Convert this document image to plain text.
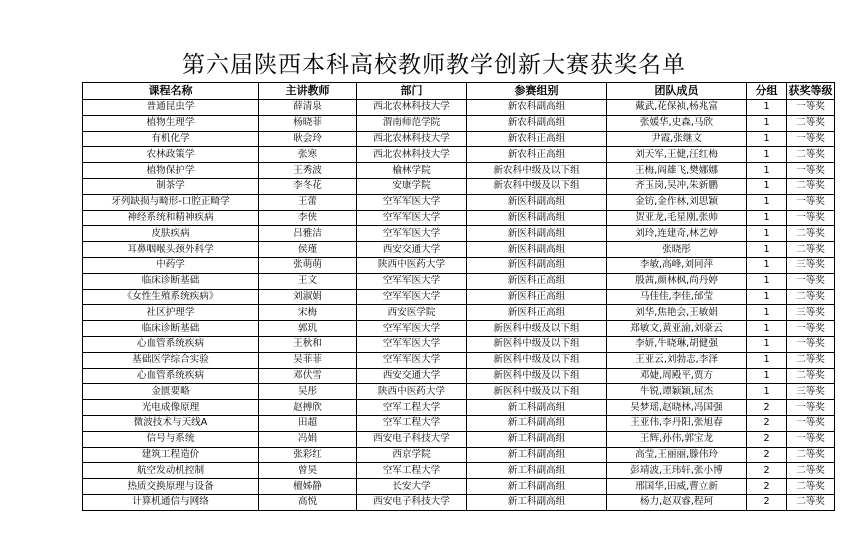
第六届陕西本科高校教师教学创新大赛获奖名单
课程名称	主讲教师	部门	参赛组别	团队成员	分组	获奖等级
普通昆虫学	薛清泉	西北农林科技大学	新农科副高组	戴武,花保祯,杨兆富	1	一等奖
植物生理学	杨晓菲	渭南师范学院	新农科副高组	张媛华,史森,马欣	1	二等奖
有机化学	耿会玲	西北农林科技大学	新农科正高组	尹霞,张继文	1	一等奖
农林政策学	张寒	西北农林科技大学	新农科正高组	刘天军,王健,汪红梅	1	二等奖
植物保护学	王秀波	榆林学院	新农科中级及以下组	王梅,阎雄飞,樊娜娜	1	一等奖
制茶学	李冬花	安康学院	新农科中级及以下组	齐玉岗,吴冲,朱新鹏	1	二等奖
牙列缺损与畸形-口腔正畸学	王蕾	空军军医大学	新医科副高组	金钫,金作林,刘思颖	1	一等奖
神经系统和精神疾病	李侠	空军军医大学	新医科副高组	贺亚龙,毛星刚,张帅	1	一等奖
皮肤疾病	吕雅洁	空军军医大学	新医科副高组	刘玲,连建奇,林艺婷	1	二等奖
耳鼻咽喉头颈外科学	侯瑾	西安交通大学	新医科副高组	张晓彤	1	二等奖
中药学	张萌萌	陕西中医药大学	新医科副高组	李敏,高峰,刘同萍	1	三等奖
临床诊断基础	王文	空军军医大学	新医科正高组	殷茜,颜林枫,尚丹婷	1	一等奖
《女性生殖系统疾病》	刘淑娟	空军军医大学	新医科正高组	马佳佳,李佳,邰莹	1	二等奖
社区护理学	宋梅	西安医学院	新医科正高组	刘华,焦艳会,王敏娟	1	三等奖
临床诊断基础	郭玑	空军军医大学	新医科中级及以下组	郑敏文,黄亚渝,刘豪云	1	一等奖
心血管系统疾病	王秋和	空军军医大学	新医科中级及以下组	李妍,牛晓琳,胡健强	1	一等奖
基础医学综合实验	吴菲菲	空军军医大学	新医科中级及以下组	王亚云,刘勃志,李泽	1	二等奖
心血管系统疾病	邓伏雪	西安交通大学	新医科中级及以下组	邓婕,周殿平,贾方	1	二等奖
金匮要略	吴彤	陕西中医药大学	新医科中级及以下组	牛锐,谭颖颖,屈杰	1	三等奖
光电成像原理	赵搏欣	空军工程大学	新工科副高组	吴梦瑶,赵晓林,冯国强	2	一等奖
微波技术与天线A	田超	空军工程大学	新工科副高组	王亚伟,李丹阳,张旭春	2	一等奖
信号与系统	冯娟	西安电子科技大学	新工科副高组	王辉,孙伟,郭宝龙	2	一等奖
建筑工程造价	张彩红	西京学院	新工科副高组	高莹,王丽丽,滕伟玲	2	二等奖
航空发动机控制	曾昊	空军工程大学	新工科副高组	彭靖波,王玮轩,张小博	2	二等奖
热质交换原理与设备	檀姊静	长安大学	新工科副高组	邢国华,田威,曹立新	2	二等奖
计算机通信与网络	高悦	西安电子科技大学	新工科副高组	杨力,赵双睿,程珂	2	二等奖
